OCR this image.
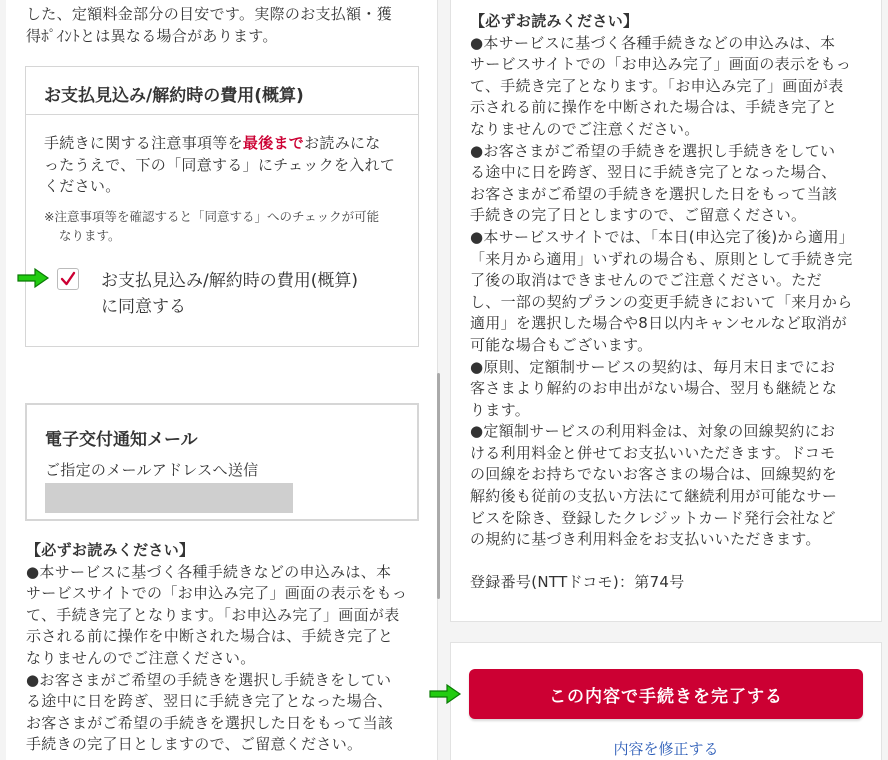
した、定額料金部分の目安です。実際のお支払額・獲
得ﾎﾟｲﾝﾄとは異なる場合があります。
お支払見込み/解約時の費用(概算)
手続きに関する注意事項等を最後までお読みにな
ったうえで、下の「同意する」にチェックを入れて
ください。
※注意事項等を確認すると「同意する」へのチェックが可能
なります。
お支払見込み/解約時の費用(概算)
に同意する
電子交付通知メール
ご指定のメールアドレスへ送信
【必ずお読みください】
●本サービスに基づく各種手続きなどの申込みは、本
サービスサイトでの「お申込み完了」画面の表示をもっ
て、手続き完了となります。「お申込み完了」画面が表
示される前に操作を中断された場合は、手続き完了と
なりませんのでご注意ください。
●お客さまがご希望の手続きを選択し手続きをしてい
る途中に日を跨ぎ、翌日に手続き完了となった場合、
お客さまがご希望の手続きを選択した日をもって当該
手続きの完了日としますので、ご留意ください。
【必ずお読みください】
●本サービスに基づく各種手続きなどの申込みは、本
サービスサイトでの「お申込み完了」画面の表示をもっ
て、手続き完了となります。「お申込み完了」画面が表
示される前に操作を中断された場合は、手続き完了と
なりませんのでご注意ください。
●お客さまがご希望の手続きを選択し手続きをしてい
る途中に日を跨ぎ、翌日に手続き完了となった場合、
お客さまがご希望の手続きを選択した日をもって当該
手続きの完了日としますので、ご留意ください。
●本サービスサイトでは、「本日(申込完了後)から適用」
「来月から適用」いずれの場合も、原則として手続き完
了後の取消はできませんのでご注意ください。ただ
し、一部の契約プランの変更手続きにおいて「来月から
適用」を選択した場合や8日以内キャンセルなど取消が
可能な場合もございます。
●原則、定額制サービスの契約は、毎月末日までにお
客さまより解約のお申出がない場合、翌月も継続とな
ります。
●定額制サービスの利用料金は、対象の回線契約にお
ける利用料金と併せてお支払いいただきます。ドコモ
の回線をお持ちでないお客さまの場合は、回線契約を
解約後も従前の支払い方法にて継続利用が可能なサー
ビスを除き、登録したクレジットカード発行会社など
の規約に基づき利用料金をお支払いいただきます。
登録番号(NTTドコモ)：第74号
この内容で手続きを完了する
内容を修正する
